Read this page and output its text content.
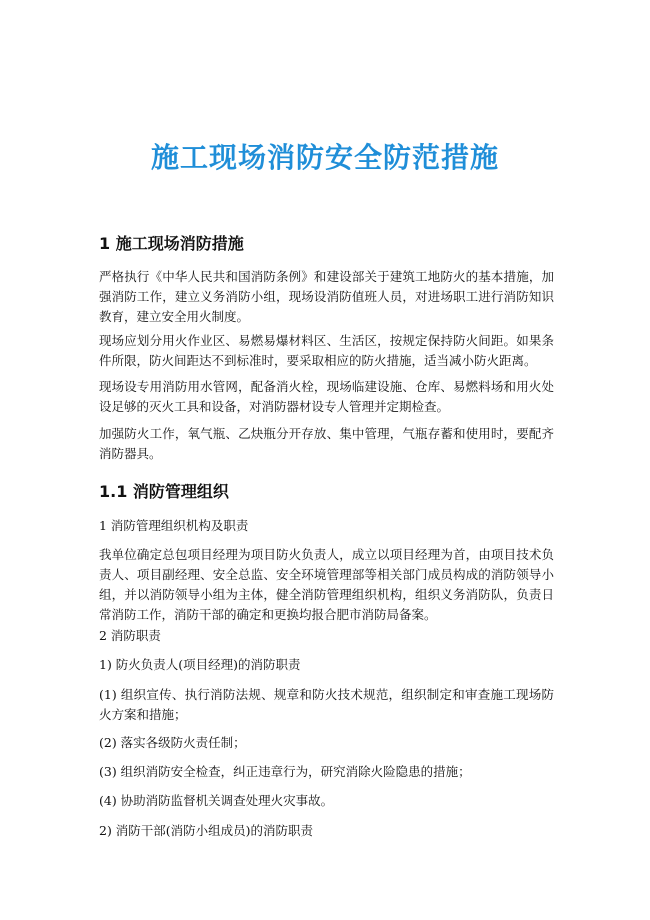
施工现场消防安全防范措施
1 施工现场消防措施

严格执行《中华人民共和国消防条例》和建设部关于建筑工地防火的基本措施，加强消防工作，建立义务消防小组，现场设消防值班人员，对进场职工进行消防知识教育，建立安全用火制度。

现场应划分用火作业区、易燃易爆材料区、生活区，按规定保持防火间距。如果条件所限，防火间距达不到标准时，要采取相应的防火措施，适当减小防火距离。

现场设专用消防用水管网，配备消火栓，现场临建设施、仓库、易燃料场和用火处设足够的灭火工具和设备，对消防器材设专人管理并定期检查。

加强防火工作，氧气瓶、乙炔瓶分开存放、集中管理，气瓶存蓄和使用时，要配齐消防器具。

1.1 消防管理组织

1 消防管理组织机构及职责

我单位确定总包项目经理为项目防火负责人，成立以项目经理为首，由项目技术负责人、项目副经理、安全总监、安全环境管理部等相关部门成员构成的消防领导小组，并以消防领导小组为主体，健全消防管理组织机构，组织义务消防队，负责日常消防工作，消防干部的确定和更换均报合肥市消防局备案。

2 消防职责

1) 防火负责人(项目经理)的消防职责

(1) 组织宣传、执行消防法规、规章和防火技术规范，组织制定和审查施工现场防火方案和措施；

(2) 落实各级防火责任制；

(3) 组织消防安全检查，纠正违章行为，研究消除火险隐患的措施；

(4) 协助消防监督机关调查处理火灾事故。

2) 消防干部(消防小组成员)的消防职责
